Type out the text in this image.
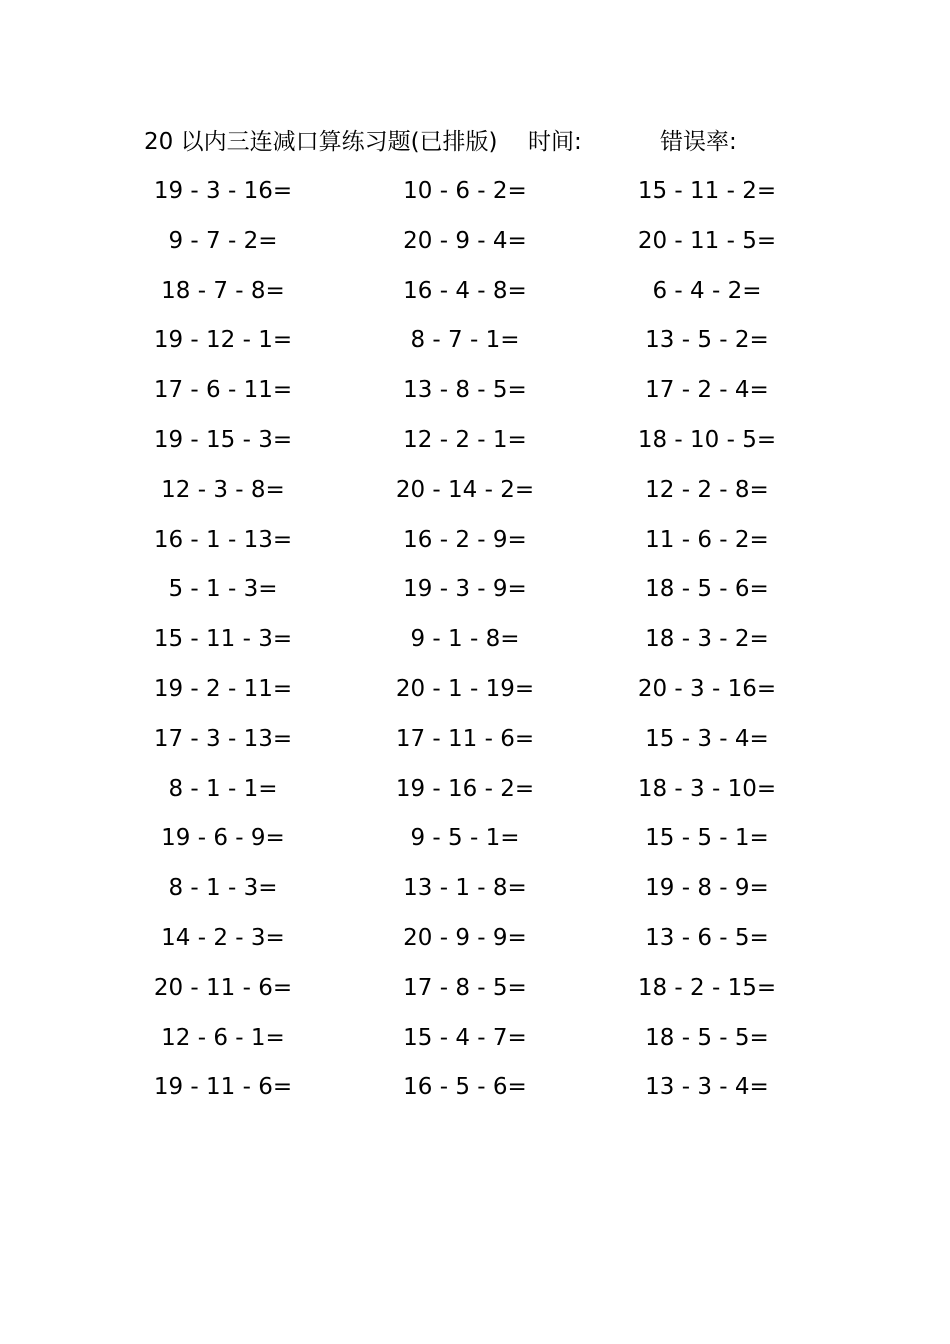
20 以内三连减口算练习题(已排版) 时间:	错误率:
19 - 3 - 16=	10 - 6 - 2=	15 - 11 - 2=
9 - 7 - 2=	20 - 9 - 4=	20 - 11 - 5=
18 - 7 - 8=	16 - 4 - 8=	6 - 4 - 2=
19 - 12 - 1=	8 - 7 - 1=	13 - 5 - 2=
17 - 6 - 11=	13 - 8 - 5=	17 - 2 - 4=
19 - 15 - 3=	12 - 2 - 1=	18 - 10 - 5=
12 - 3 - 8=	20 - 14 - 2=	12 - 2 - 8=
16 - 1 - 13=	16 - 2 - 9=	11 - 6 - 2=
5 - 1 - 3=	19 - 3 - 9=	18 - 5 - 6=
15 - 11 - 3=	9 - 1 - 8=	18 - 3 - 2=
19 - 2 - 11=	20 - 1 - 19=	20 - 3 - 16=
17 - 3 - 13=	17 - 11 - 6=	15 - 3 - 4=
8 - 1 - 1=	19 - 16 - 2=	18 - 3 - 10=
19 - 6 - 9=	9 - 5 - 1=	15 - 5 - 1=
8 - 1 - 3=	13 - 1 - 8=	19 - 8 - 9=
14 - 2 - 3=	20 - 9 - 9=	13 - 6 - 5=
20 - 11 - 6=	17 - 8 - 5=	18 - 2 - 15=
12 - 6 - 1=	15 - 4 - 7=	18 - 5 - 5=
19 - 11 - 6=	16 - 5 - 6=	13 - 3 - 4=
